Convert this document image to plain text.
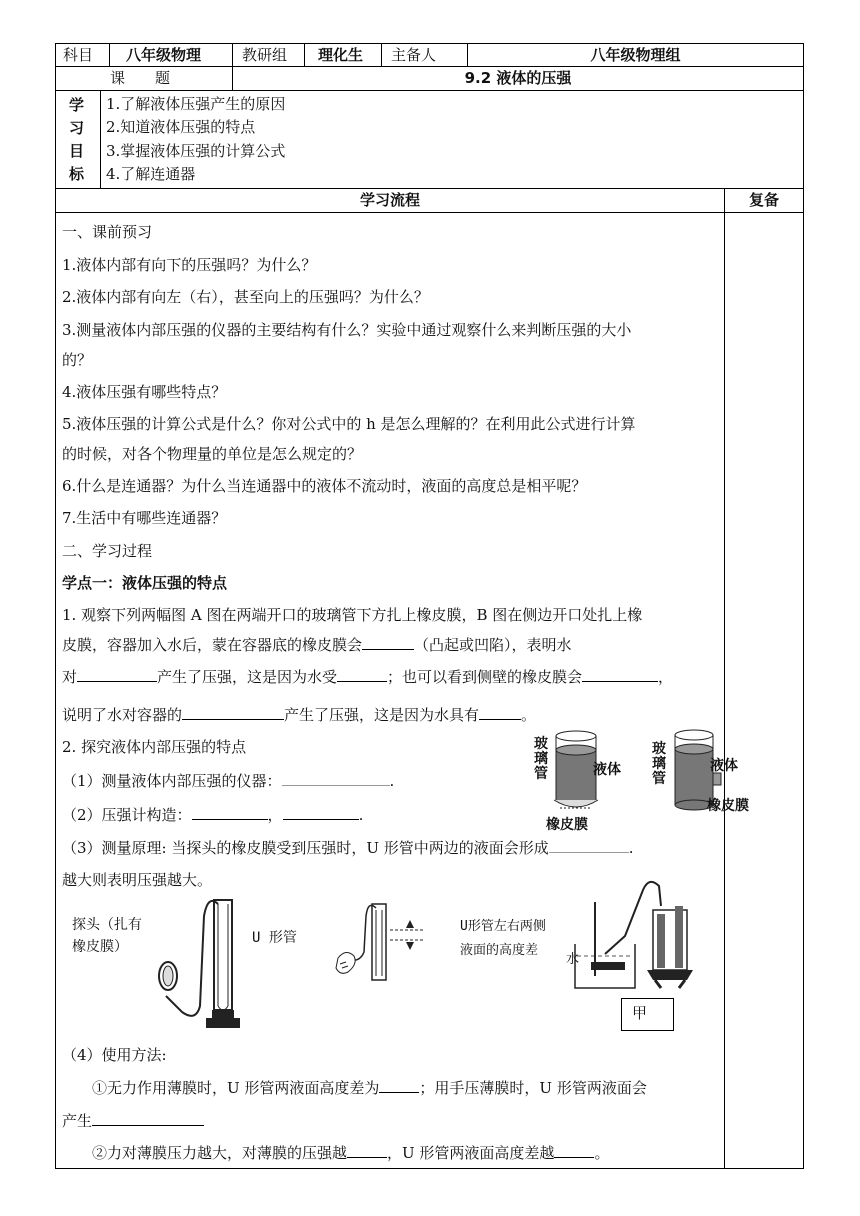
科目 八年级物理	教研组 理化生 主备人	八年级物理组
课　　题	9.2 液体的压强
学
习
目
标
1.了解液体压强产生的原因
2.知道液体压强的特点
3.掌握液体压强的计算公式
4.了解连通器
学习流程	复备
一、课前预习
1.液体内部有向下的压强吗？为什么？
2.液体内部有向左（右），甚至向上的压强吗？为什么？
3.测量液体内部压强的仪器的主要结构有什么？实验中通过观察什么来判断压强的大小
的？
4.液体压强有哪些特点？
5.液体压强的计算公式是什么？你对公式中的 h 是怎么理解的？在利用此公式进行计算
的时候，对各个物理量的单位是怎么规定的？
6.什么是连通器？为什么当连通器中的液体不流动时，液面的高度总是相平呢？
7.生活中有哪些连通器？
二、学习过程
学点一：液体压强的特点
1. 观察下列两幅图 A 图在两端开口的玻璃管下方扎上橡皮膜，B 图在侧边开口处扎上橡
皮膜，容器加入水后，蒙在容器底的橡皮膜会	（凸起或凹陷），表明水
对	产生了压强，这是因为水受	；也可以看到侧壁的橡皮膜会	，
说明了水对容器的	产生了压强，这是因为水具有	。
2. 探究液体内部压强的特点
（1）测量液体内部压强的仪器：	.
（2）压强计构造：	，	.
（3）测量原理: 当探头的橡皮膜受到压强时，U 形管中两边的液面会形成	.
越大则表明压强越大。
玻
璃
管	液体
橡皮膜
玻
璃
管
液体
橡皮膜
探头（扎有
橡皮膜）
U 形管
U形管左右两侧
液面的高度差
水
甲
（4）使用方法:
①无力作用薄膜时，U 形管两液面高度差为	；用手压薄膜时，U 形管两液面会
产生
②力对薄膜压力越大，对薄膜的压强越	，U 形管两液面高度差越	。
